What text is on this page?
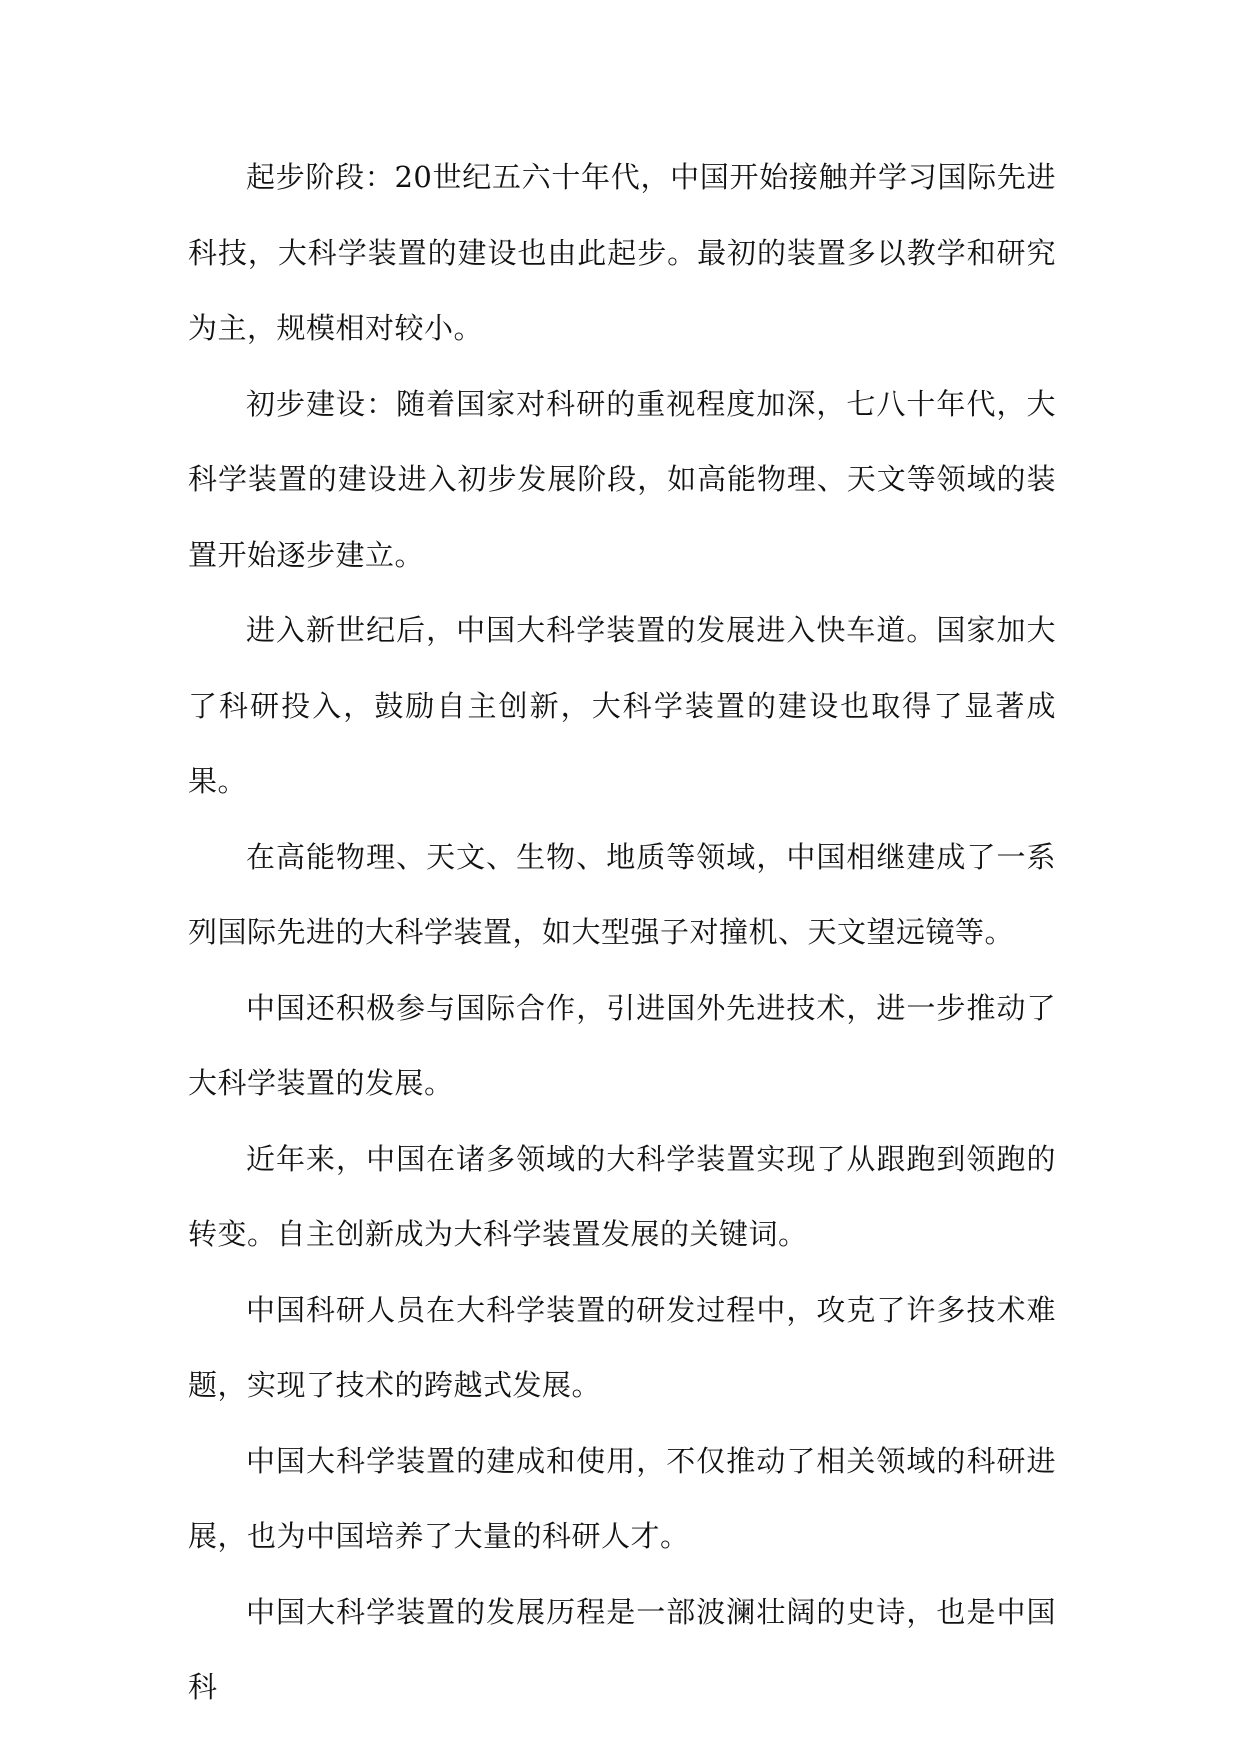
起步阶段：20世纪五六十年代，中国开始接触并学习国际先进科技，大科学装置的建设也由此起步。最初的装置多以教学和研究为主，规模相对较小。

初步建设：随着国家对科研的重视程度加深，七八十年代，大科学装置的建设进入初步发展阶段，如高能物理、天文等领域的装置开始逐步建立。

进入新世纪后，中国大科学装置的发展进入快车道。国家加大了科研投入，鼓励自主创新，大科学装置的建设也取得了显著成果。

在高能物理、天文、生物、地质等领域，中国相继建成了一系列国际先进的大科学装置，如大型强子对撞机、天文望远镜等。

中国还积极参与国际合作，引进国外先进技术，进一步推动了大科学装置的发展。

近年来，中国在诸多领域的大科学装置实现了从跟跑到领跑的转变。自主创新成为大科学装置发展的关键词。

中国科研人员在大科学装置的研发过程中，攻克了许多技术难题，实现了技术的跨越式发展。

中国大科学装置的建成和使用，不仅推动了相关领域的科研进展，也为中国培养了大量的科研人才。

中国大科学装置的发展历程是一部波澜壮阔的史诗，也是中国科
